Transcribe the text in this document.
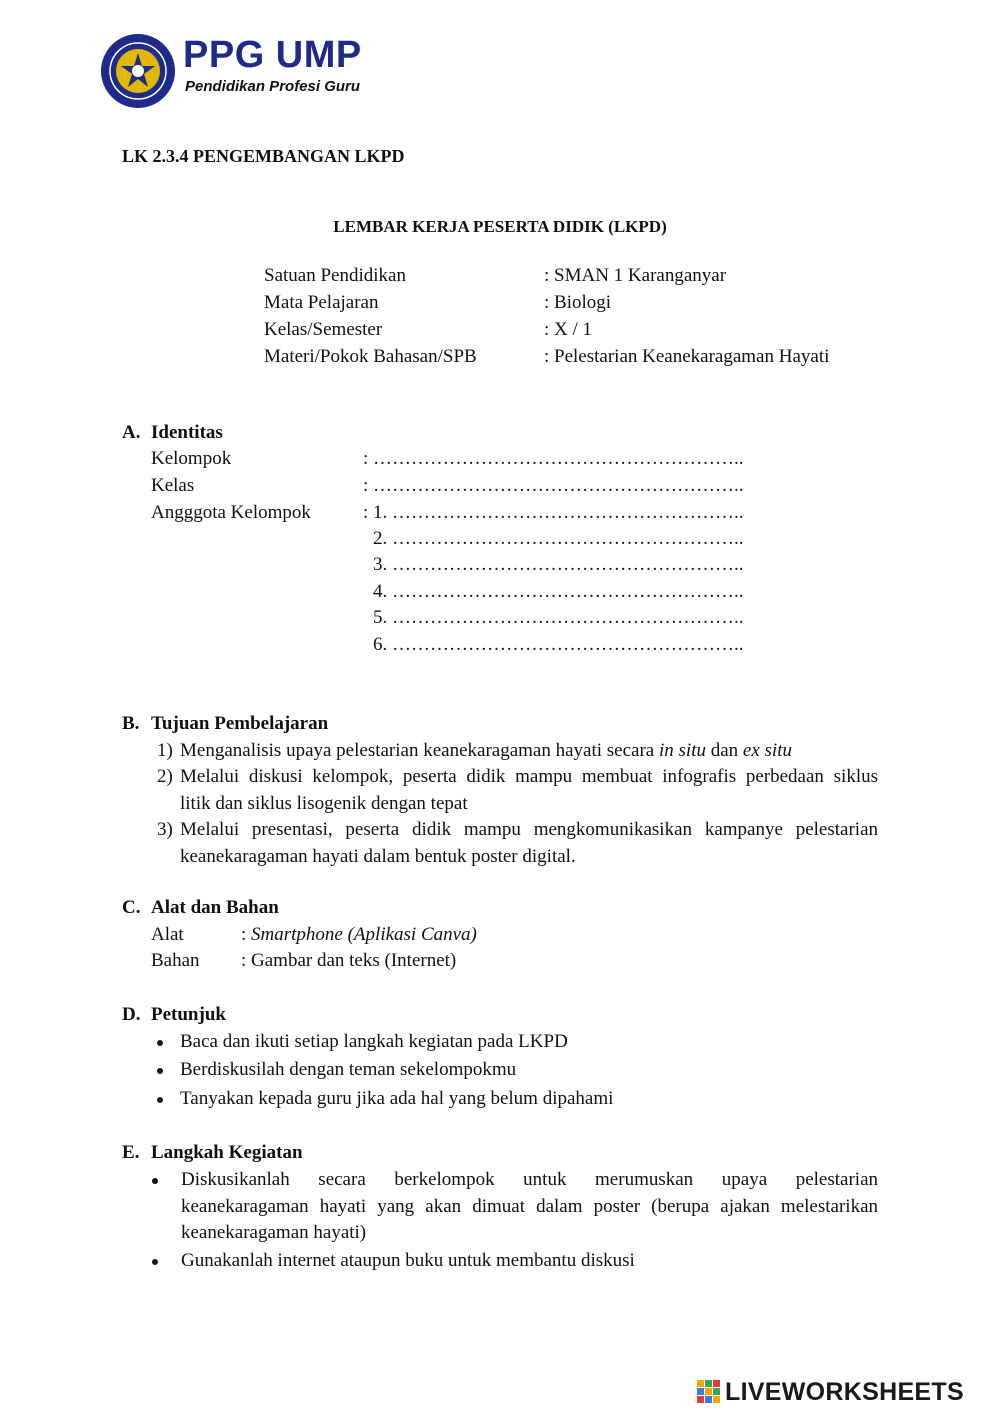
PPG UMP
Pendidikan Profesi Guru
LK 2.3.4 PENGEMBANGAN LKPD
LEMBAR KERJA PESERTA DIDIK (LKPD)
Satuan Pendidikan	: SMAN 1 Karanganyar
Mata Pelajaran	: Biologi
Kelas/Semester	: X / 1
Materi/Pokok Bahasan/SPB	: Pelestarian Keanekaragaman Hayati
A. Identitas
Kelompok	: …………………………………………………..
Kelas	: …………………………………………………..
Angggota Kelompok	: 1. ………………………………………………..
2. ………………………………………………..
3. ………………………………………………..
4. ………………………………………………..
5. ………………………………………………..
6. ………………………………………………..
B. Tujuan Pembelajaran
1) Menganalisis upaya pelestarian keanekaragaman hayati secara in situ dan ex situ
2) Melalui diskusi kelompok, peserta didik mampu membuat infografis perbedaan siklus
litik dan siklus lisogenik dengan tepat
3) Melalui presentasi, peserta didik mampu mengkomunikasikan kampanye pelestarian
keanekaragaman hayati dalam bentuk poster digital.
C. Alat dan Bahan
Alat	: Smartphone (Aplikasi Canva)
Bahan : Gambar dan teks (Internet)
D. Petunjuk
Baca dan ikuti setiap langkah kegiatan pada LKPD
Berdiskusilah dengan teman sekelompokmu
Tanyakan kepada guru jika ada hal yang belum dipahami
E. Langkah Kegiatan
Diskusikanlah secara berkelompok untuk merumuskan upaya pelestarian
keanekaragaman hayati yang akan dimuat dalam poster (berupa ajakan melestarikan
keanekaragaman hayati)
Gunakanlah internet ataupun buku untuk membantu diskusi
LIVEWORKSHEETS
